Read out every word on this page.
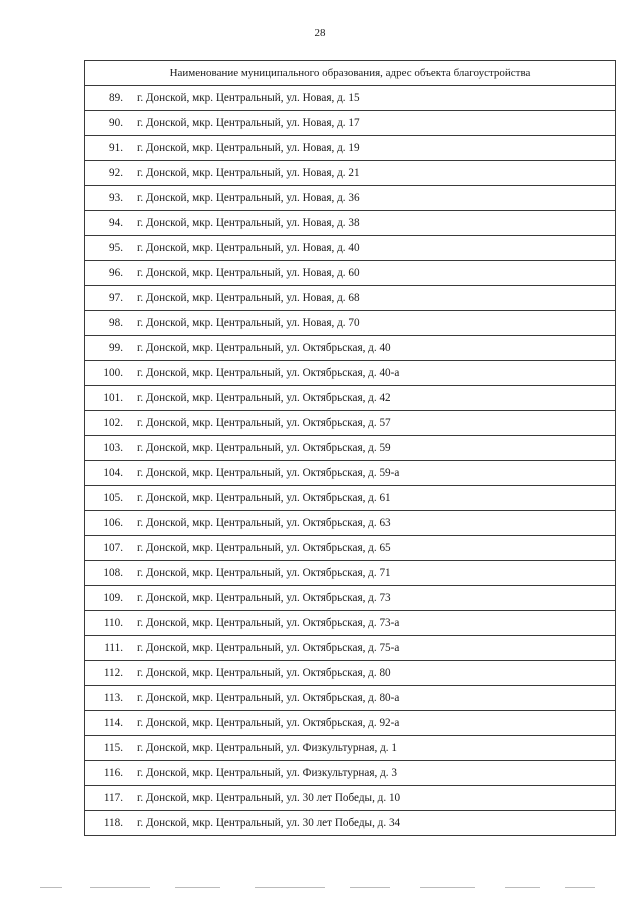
28
Наименование муниципального образования, адрес объекта благоустройства	
89.	г. Донской, мкр. Центральный, ул. Новая, д. 15
90.	г. Донской, мкр. Центральный, ул. Новая, д. 17
91.	г. Донской, мкр. Центральный, ул. Новая, д. 19
92.	г. Донской, мкр. Центральный, ул. Новая, д. 21
93.	г. Донской, мкр. Центральный, ул. Новая, д. 36
94.	г. Донской, мкр. Центральный, ул. Новая, д. 38
95.	г. Донской, мкр. Центральный, ул. Новая, д. 40
96.	г. Донской, мкр. Центральный, ул. Новая, д. 60
97.	г. Донской, мкр. Центральный, ул. Новая, д. 68
98.	г. Донской, мкр. Центральный, ул. Новая, д. 70
99.	г. Донской, мкр. Центральный, ул. Октябрьская, д. 40
100.	г. Донской, мкр. Центральный, ул. Октябрьская, д. 40-а
101.	г. Донской, мкр. Центральный, ул. Октябрьская, д. 42
102.	г. Донской, мкр. Центральный, ул. Октябрьская, д. 57
103.	г. Донской, мкр. Центральный, ул. Октябрьская, д. 59
104.	г. Донской, мкр. Центральный, ул. Октябрьская, д. 59-а
105.	г. Донской, мкр. Центральный, ул. Октябрьская, д. 61
106.	г. Донской, мкр. Центральный, ул. Октябрьская, д. 63
107.	г. Донской, мкр. Центральный, ул. Октябрьская, д. 65
108.	г. Донской, мкр. Центральный, ул. Октябрьская, д. 71
109.	г. Донской, мкр. Центральный, ул. Октябрьская, д. 73
110.	г. Донской, мкр. Центральный, ул. Октябрьская, д. 73-а
111.	г. Донской, мкр. Центральный, ул. Октябрьская, д. 75-а
112.	г. Донской, мкр. Центральный, ул. Октябрьская, д. 80
113.	г. Донской, мкр. Центральный, ул. Октябрьская, д. 80-а
114.	г. Донской, мкр. Центральный, ул. Октябрьская, д. 92-а
115.	г. Донской, мкр. Центральный, ул. Физкультурная, д. 1
116.	г. Донской, мкр. Центральный, ул. Физкультурная, д. 3
117.	г. Донской, мкр. Центральный, ул. 30 лет Победы, д. 10
118.	г. Донской, мкр. Центральный, ул. 30 лет Победы, д. 34
